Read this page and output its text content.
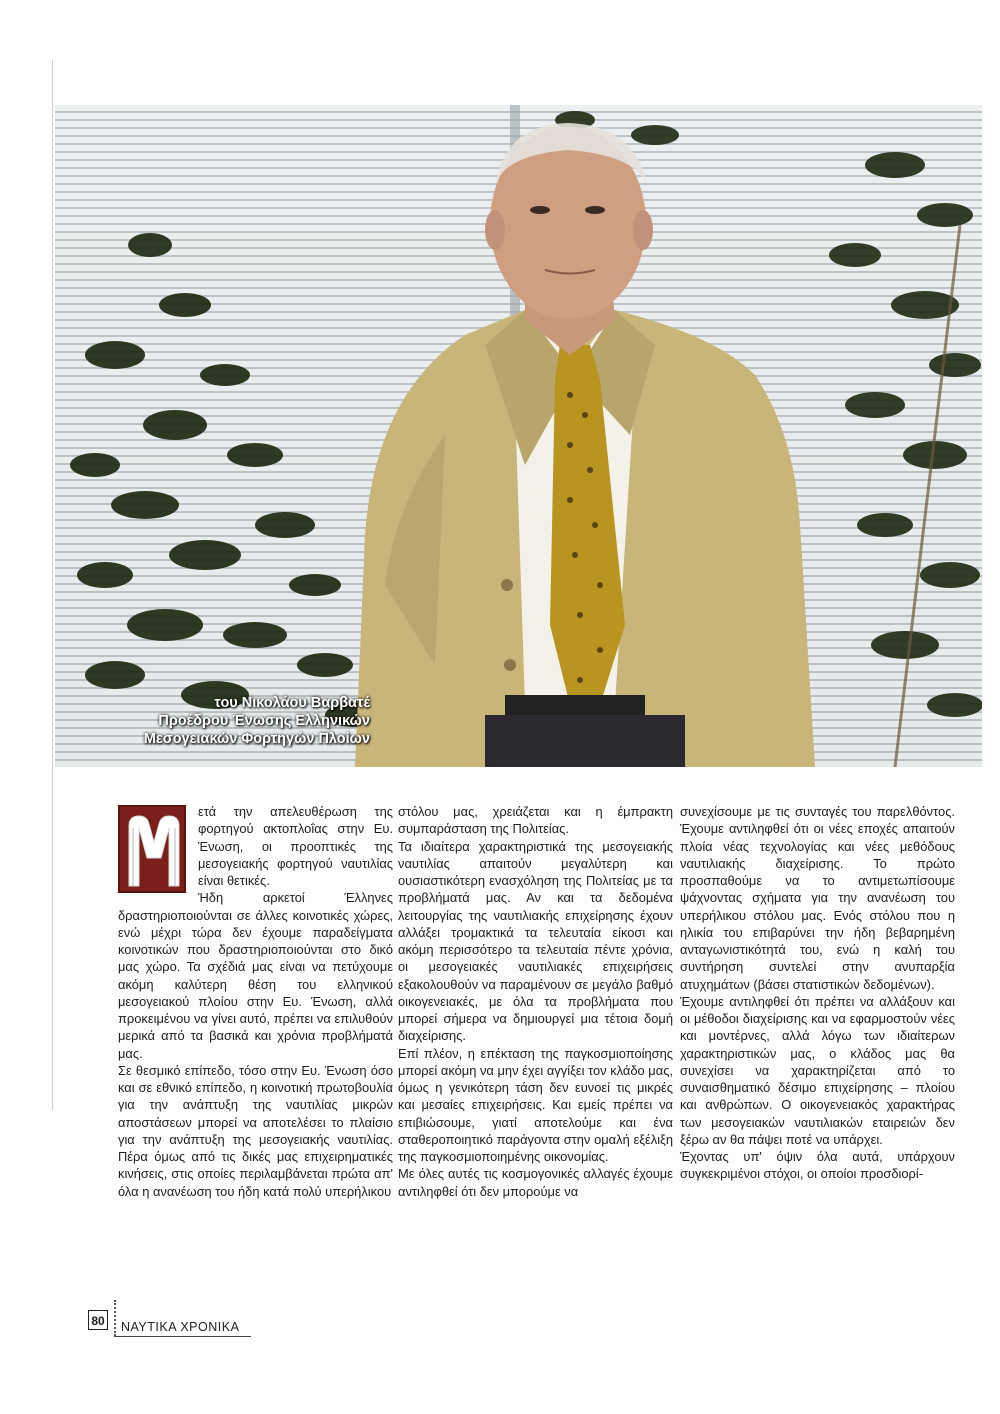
του Νικολάου Βαρβατέ
Προέδρου Ένωσης Ελληνικών
Μεσογειακών Φορτηγών Πλοίων

ετά την απελευθέρωση της φορτηγού ακτοπλοΐας στην Ευ. Ένωση, οι προοπτικές της μεσογειακής φορτηγού ναυτιλίας είναι θετικές.

Ήδη αρκετοί Έλληνες δραστηριοποιούνται σε άλλες κοινοτικές χώρες, ενώ μέχρι τώρα δεν έχουμε παραδείγματα κοινοτικών που δραστηριοποιούνται στο δικό μας χώρο. Τα σχέδιά μας είναι να πετύχουμε ακόμη καλύτερη θέση του ελληνικού μεσογειακού πλοίου στην Ευ. Ένωση, αλλά προκειμένου να γίνει αυτό, πρέπει να επιλυθούν μερικά από τα βασικά και χρόνια προβλήματά μας.

Σε θεσμικό επίπεδο, τόσο στην Ευ. Ένωση όσο και σε εθνικό επίπεδο, η κοινοτική πρωτοβουλία για την ανάπτυξη της ναυτιλίας μικρών αποστάσεων μπορεί να αποτελέσει το πλαίσιο για την ανάπτυξη της μεσογειακής ναυτιλίας. Πέρα όμως από τις δικές μας επιχειρηματικές κινήσεις, στις οποίες περιλαμβάνεται πρώτα απ' όλα η ανανέωση του ήδη κατά πολύ υπερήλικου

στόλου μας, χρειάζεται και η έμπρακτη συμπαράσταση της Πολιτείας.

Τα ιδιαίτερα χαρακτηριστικά της μεσογειακής ναυτιλίας απαιτούν μεγαλύτερη και ουσιαστικότερη ενασχόληση της Πολιτείας με τα προβλήματά μας. Αν και τα δεδομένα λειτουργίας της ναυτιλιακής επιχείρησης έχουν αλλάξει τρομακτικά τα τελευταία είκοσι και ακόμη περισσότερο τα τελευταία πέντε χρόνια, οι μεσογειακές ναυτιλιακές επιχειρήσεις εξακολουθούν να παραμένουν σε μεγάλο βαθμό οικογενειακές, με όλα τα προβλήματα που μπορεί σήμερα να δημιουργεί μια τέτοια δομή διαχείρισης.

Επί πλέον, η επέκταση της παγκοσμιοποίησης μπορεί ακόμη να μην έχει αγγίξει τον κλάδο μας, όμως η γενικότερη τάση δεν ευνοεί τις μικρές και μεσαίες επιχειρήσεις. Και εμείς πρέπει να επιβιώσουμε, γιατί αποτελούμε και ένα σταθεροποιητικό παράγοντα στην ομαλή εξέλιξη της παγκοσμιοποιημένης οικονομίας.

Με όλες αυτές τις κοσμογονικές αλλαγές έχουμε αντιληφθεί ότι δεν μπορούμε να

συνεχίσουμε με τις συνταγές του παρελθόντος. Έχουμε αντιληφθεί ότι οι νέες εποχές απαιτούν πλοία νέας τεχνολογίας και νέες μεθόδους ναυτιλιακής διαχείρισης. Το πρώτο προσπαθούμε να το αντιμετωπίσουμε ψάχνοντας σχήματα για την ανανέωση του υπερήλικου στόλου μας. Ενός στόλου που η ηλικία του επιβαρύνει την ήδη βεβαρημένη ανταγωνιστικότητά του, ενώ η καλή του συντήρηση συντελεί στην ανυπαρξία ατυχημάτων (βάσει στατιστικών δεδομένων).

Έχουμε αντιληφθεί ότι πρέπει να αλλάξουν και οι μέθοδοι διαχείρισης και να εφαρμοστούν νέες και μοντέρνες, αλλά λόγω των ιδιαίτερων χαρακτηριστικών μας, ο κλάδος μας θα συνεχίσει να χαρακτηρίζεται από το συναισθηματικό δέσιμο επιχείρησης – πλοίου και ανθρώπων. Ο οικογενειακός χαρακτήρας των μεσογειακών ναυτιλιακών εταιρειών δεν ξέρω αν θα πάψει ποτέ να υπάρχει.

Έχοντας υπ' όψιν όλα αυτά, υπάρχουν συγκεκριμένοι στόχοι, οι οποίοι προσδιορί-

80 ΝΑΥΤΙΚΑ ΧΡΟΝΙΚΑ
